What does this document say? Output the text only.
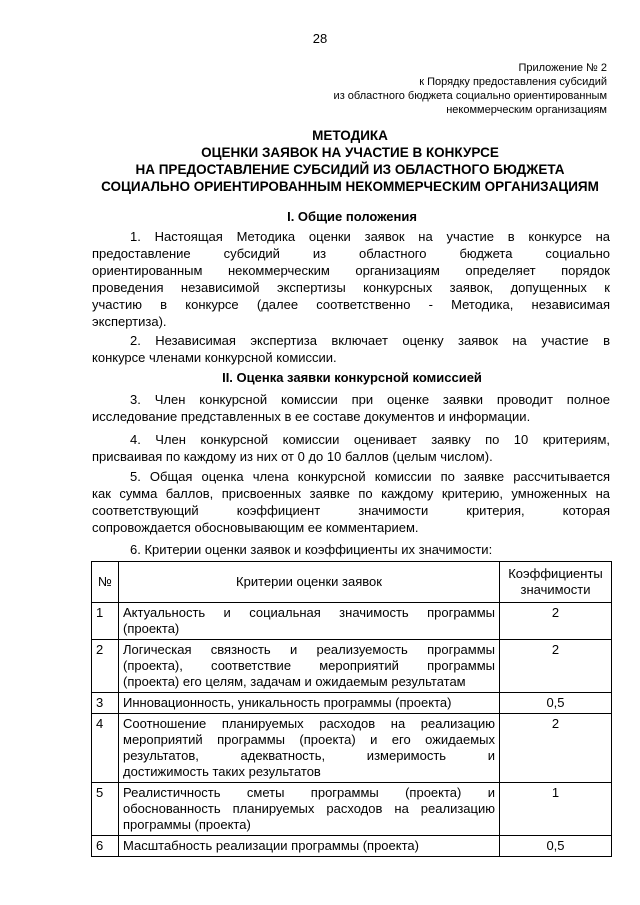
28
Приложение № 2
к Порядку предоставления субсидий
из областного бюджета социально ориентированным
некоммерческим организациям
МЕТОДИКА
ОЦЕНКИ ЗАЯВОК НА УЧАСТИЕ В КОНКУРСЕ
НА ПРЕДОСТАВЛЕНИЕ СУБСИДИЙ ИЗ ОБЛАСТНОГО БЮДЖЕТА
СОЦИАЛЬНО ОРИЕНТИРОВАННЫМ НЕКОММЕРЧЕСКИМ ОРГАНИЗАЦИЯМ
I. Общие положения
1. Настоящая Методика оценки заявок на участие в конкурсе на
предоставление субсидий из областного бюджета социально
ориентированным некоммерческим организациям определяет порядок
проведения независимой экспертизы конкурсных заявок, допущенных к
участию в конкурсе (далее соответственно - Методика, независимая
экспертиза).
2. Независимая экспертиза включает оценку заявок на участие в
конкурсе членами конкурсной комиссии.
II. Оценка заявки конкурсной комиссией
3. Член конкурсной комиссии при оценке заявки проводит полное
исследование представленных в ее составе документов и информации.
4. Член конкурсной комиссии оценивает заявку по 10 критериям,
присваивая по каждому из них от 0 до 10 баллов (целым числом).
5. Общая оценка члена конкурсной комиссии по заявке рассчитывается
как сумма баллов, присвоенных заявке по каждому критерию, умноженных на
соответствующий коэффициент значимости критерия, которая
сопровождается обосновывающим ее комментарием.
6. Критерии оценки заявок и коэффициенты их значимости:
№	Критерии оценки заявок	Коэффициенты
значимости

1	Актуальность и социальная значимость программы
(проекта)	2
2	Логическая связность и реализуемость программы
(проекта), соответствие мероприятий программы
(проекта) его целям, задачам и ожидаемым результатам	2
3	Инновационность, уникальность программы (проекта)	0,5
4	Соотношение планируемых расходов на реализацию
мероприятий программы (проекта) и его ожидаемых
результатов, адекватность, измеримость и
достижимость таких результатов	2
5	Реалистичность сметы программы (проекта) и
обоснованность планируемых расходов на реализацию
программы (проекта)	1
6	Масштабность реализации программы (проекта)	0,5
